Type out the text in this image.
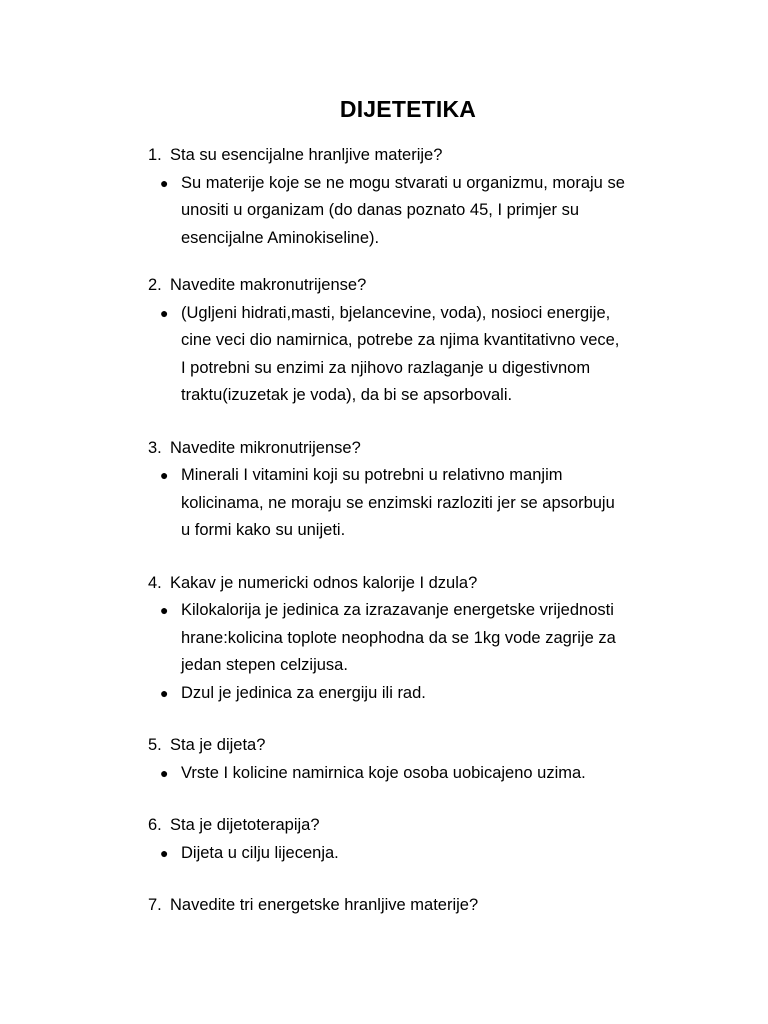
DIJETETIKA
1. Sta su esencijalne hranljive materije?
● Su materije koje se ne mogu stvarati u organizmu, moraju se
unositi u organizam (do danas poznato 45, I primjer su
esencijalne Aminokiseline).
2. Navedite makronutrijense?
● (Ugljeni hidrati,masti, bjelancevine, voda), nosioci energije,
cine veci dio namirnica, potrebe za njima kvantitativno vece,
I potrebni su enzimi za njihovo razlaganje u digestivnom
traktu(izuzetak je voda), da bi se apsorbovali.
3. Navedite mikronutrijense?
● Minerali I vitamini koji su potrebni u relativno manjim
kolicinama, ne moraju se enzimski razloziti jer se apsorbuju
u formi kako su unijeti.
4. Kakav je numericki odnos kalorije I dzula?
● Kilokalorija je jedinica za izrazavanje energetske vrijednosti
hrane:kolicina toplote neophodna da se 1kg vode zagrije za
jedan stepen celzijusa.
● Dzul je jedinica za energiju ili rad.
5. Sta je dijeta?
● Vrste I kolicine namirnica koje osoba uobicajeno uzima.
6. Sta je dijetoterapija?
● Dijeta u cilju lijecenja.
7. Navedite tri energetske hranljive materije?
